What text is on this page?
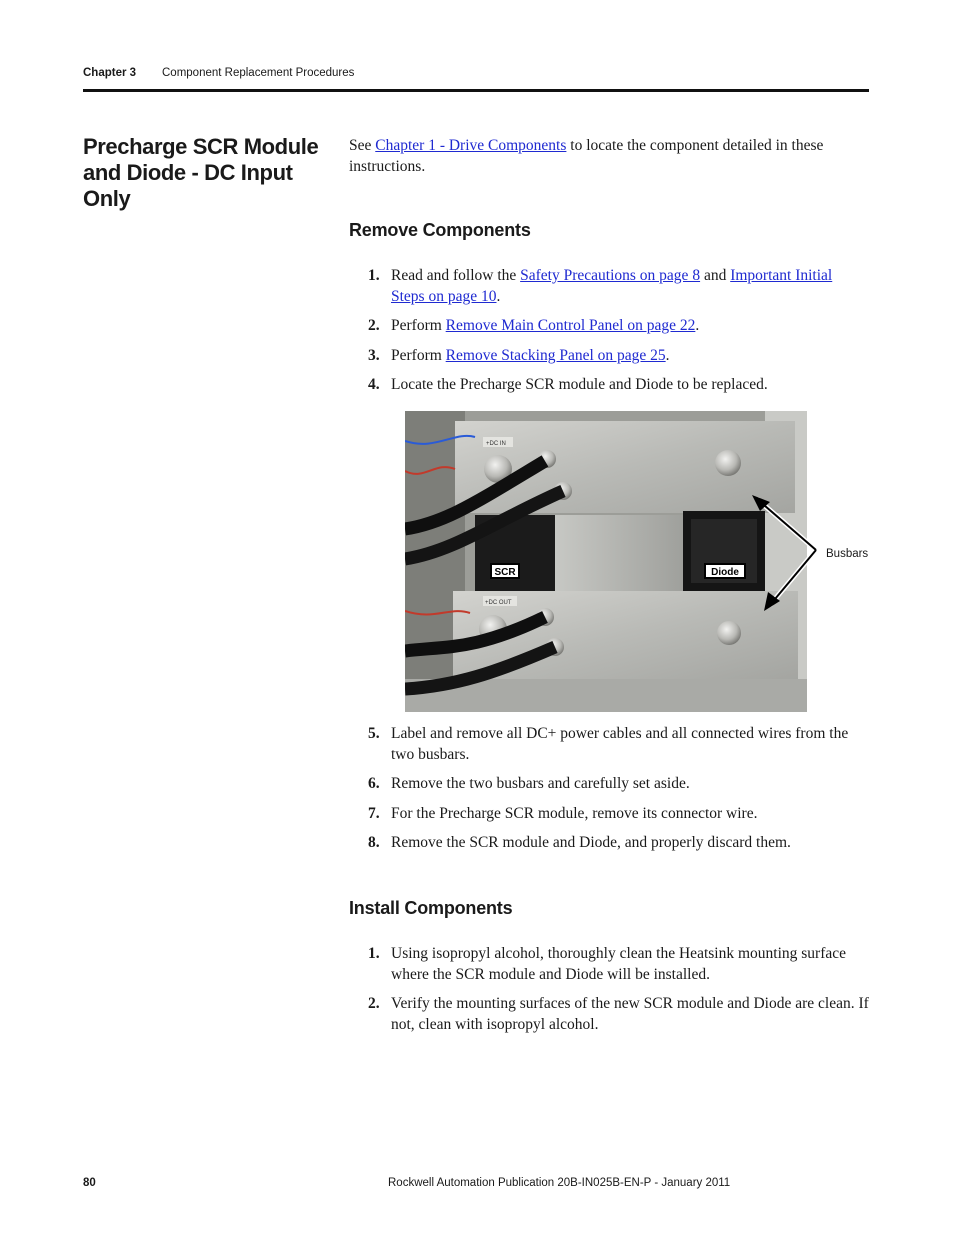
Chapter 3 Component Replacement Procedures
Precharge SCR Module and Diode - DC Input Only

See Chapter 1 - Drive Components to locate the component detailed in these instructions.

Remove Components
1. Read and follow the Safety Precautions on page 8 and Important Initial Steps on page 10.
2. Perform Remove Main Control Panel on page 22.
3. Perform Remove Stacking Panel on page 25.
4. Locate the Precharge SCR module and Diode to be replaced.
+DC IN
+DC OUT
SCR	Diode
Busbars
5. Label and remove all DC+ power cables and all connected wires from the two busbars.
6. Remove the two busbars and carefully set aside.
7. For the Precharge SCR module, remove its connector wire.
8. Remove the SCR module and Diode, and properly discard them.
Install Components
1. Using isopropyl alcohol, thoroughly clean the Heatsink mounting surface where the SCR module and Diode will be installed.
2. Verify the mounting surfaces of the new SCR module and Diode are clean. If not, clean with isopropyl alcohol.
80	Rockwell Automation Publication 20B-IN025B-EN-P - January 2011
